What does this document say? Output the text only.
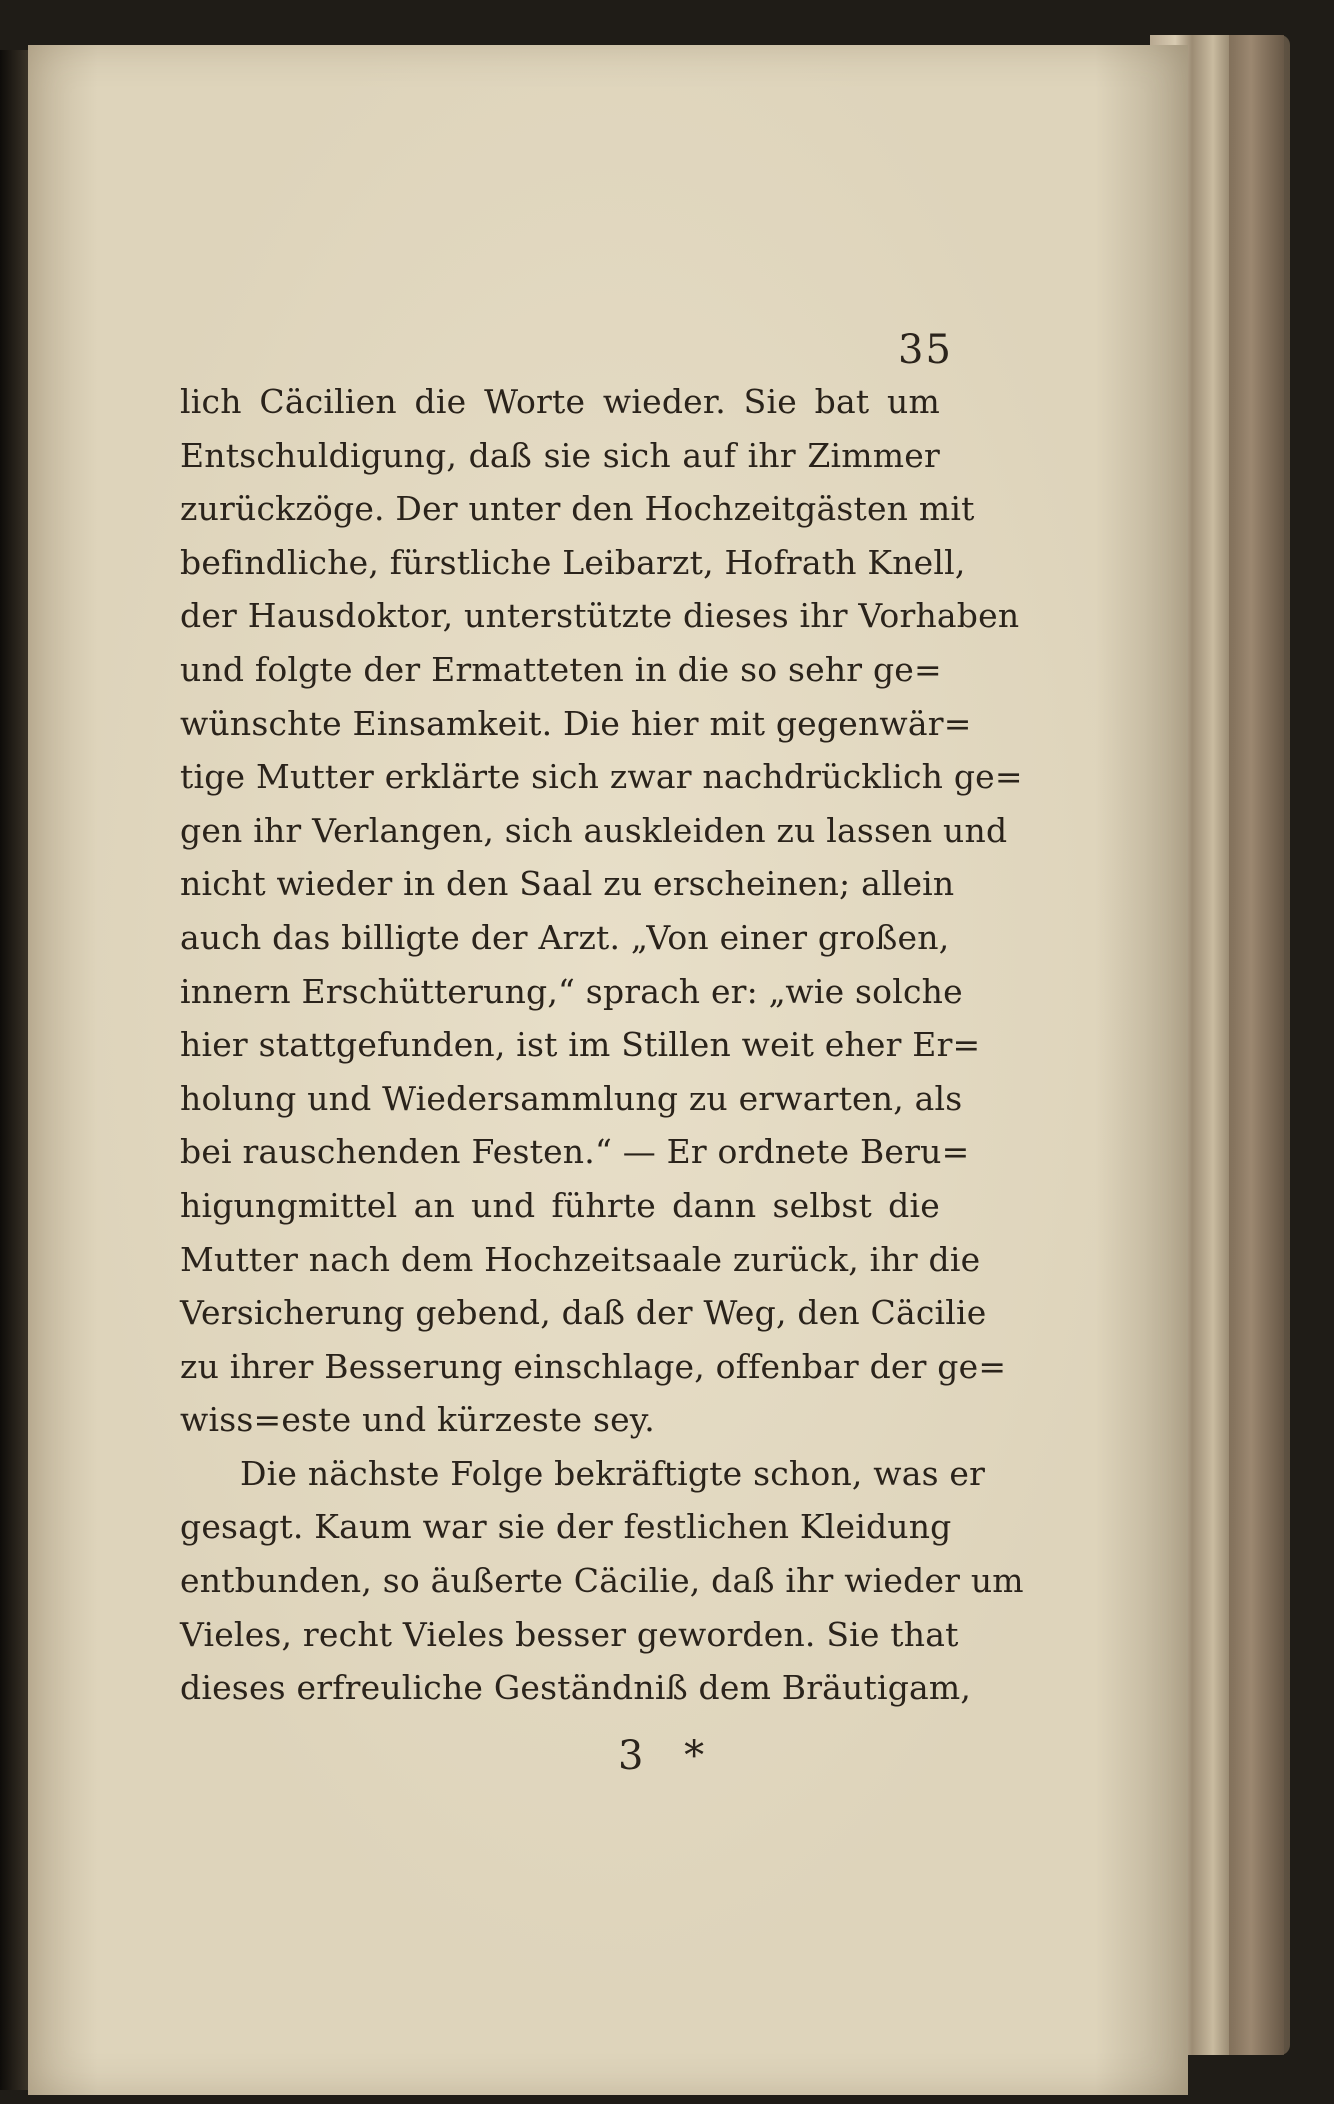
35
lich Cäcilien die Worte wieder. Sie bat um
Entschuldigung, daß sie sich auf ihr Zimmer
zurückzöge. Der unter den Hochzeitgästen mit
befindliche, fürstliche Leibarzt, Hofrath Knell,
der Hausdoktor, unterstützte dieses ihr Vorhaben
und folgte der Ermatteten in die so sehr ge=
wünschte Einsamkeit. Die hier mit gegenwär=
tige Mutter erklärte sich zwar nachdrücklich ge=
gen ihr Verlangen, sich auskleiden zu lassen und
nicht wieder in den Saal zu erscheinen; allein
auch das billigte der Arzt. „Von einer großen,
innern Erschütterung,“ sprach er: „wie solche
hier stattgefunden, ist im Stillen weit eher Er=
holung und Wiedersammlung zu erwarten, als
bei rauschenden Festen.“ — Er ordnete Beru=
higungmittel an und führte dann selbst die
Mutter nach dem Hochzeitsaale zurück, ihr die
Versicherung gebend, daß der Weg, den Cäcilie
zu ihrer Besserung einschlage, offenbar der ge=
wiss=este und kürzeste sey.
Die nächste Folge bekräftigte schon, was er
gesagt. Kaum war sie der festlichen Kleidung
entbunden, so äußerte Cäcilie, daß ihr wieder um
Vieles, recht Vieles besser geworden. Sie that
dieses erfreuliche Geständniß dem Bräutigam,
3 *
